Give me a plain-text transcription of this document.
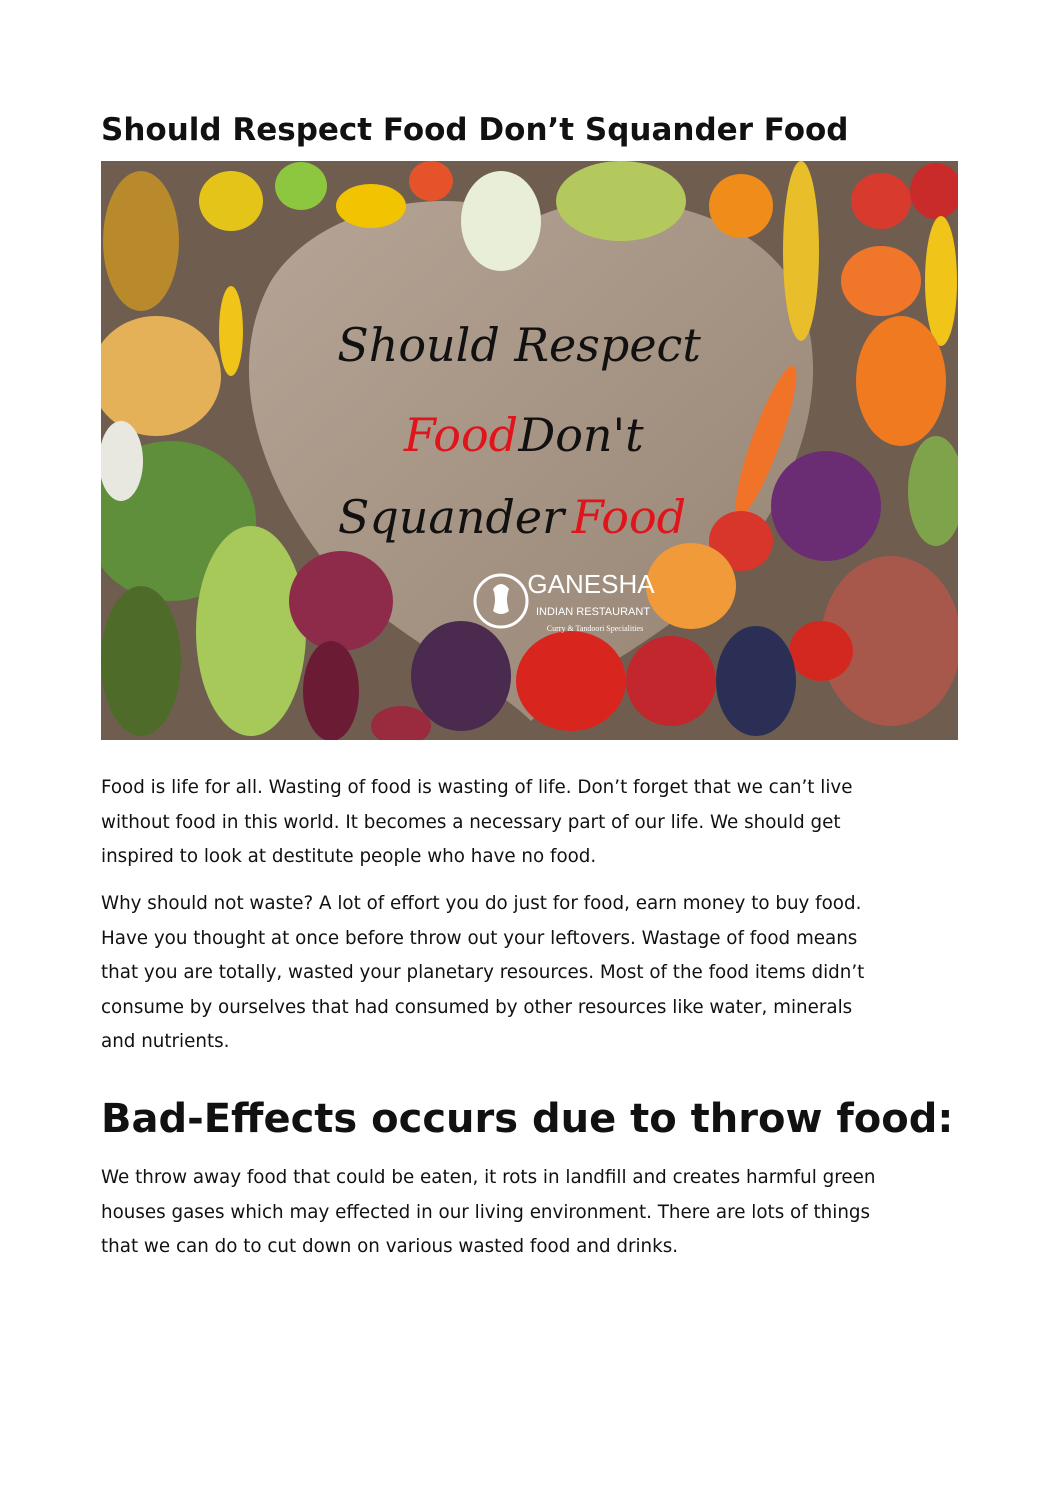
Should Respect Food Don’t Squander Food
Should Respect
Food Don't
Squander Food
GANESHA
INDIAN RESTAURANT
Curry & Tandoori Specialities

Food is life for all. Wasting of food is wasting of life. Don’t forget that we can’t live
without food in this world. It becomes a necessary part of our life. We should get
inspired to look at destitute people who have no food.

Why should not waste? A lot of effort you do just for food, earn money to buy food.
Have you thought at once before throw out your leftovers. Wastage of food means
that you are totally, wasted your planetary resources. Most of the food items didn’t
consume by ourselves that had consumed by other resources like water, minerals
and nutrients.

Bad-Effects occurs due to throw food:

We throw away food that could be eaten, it rots in landfill and creates harmful green
houses gases which may effected in our living environment. There are lots of things
that we can do to cut down on various wasted food and drinks.
